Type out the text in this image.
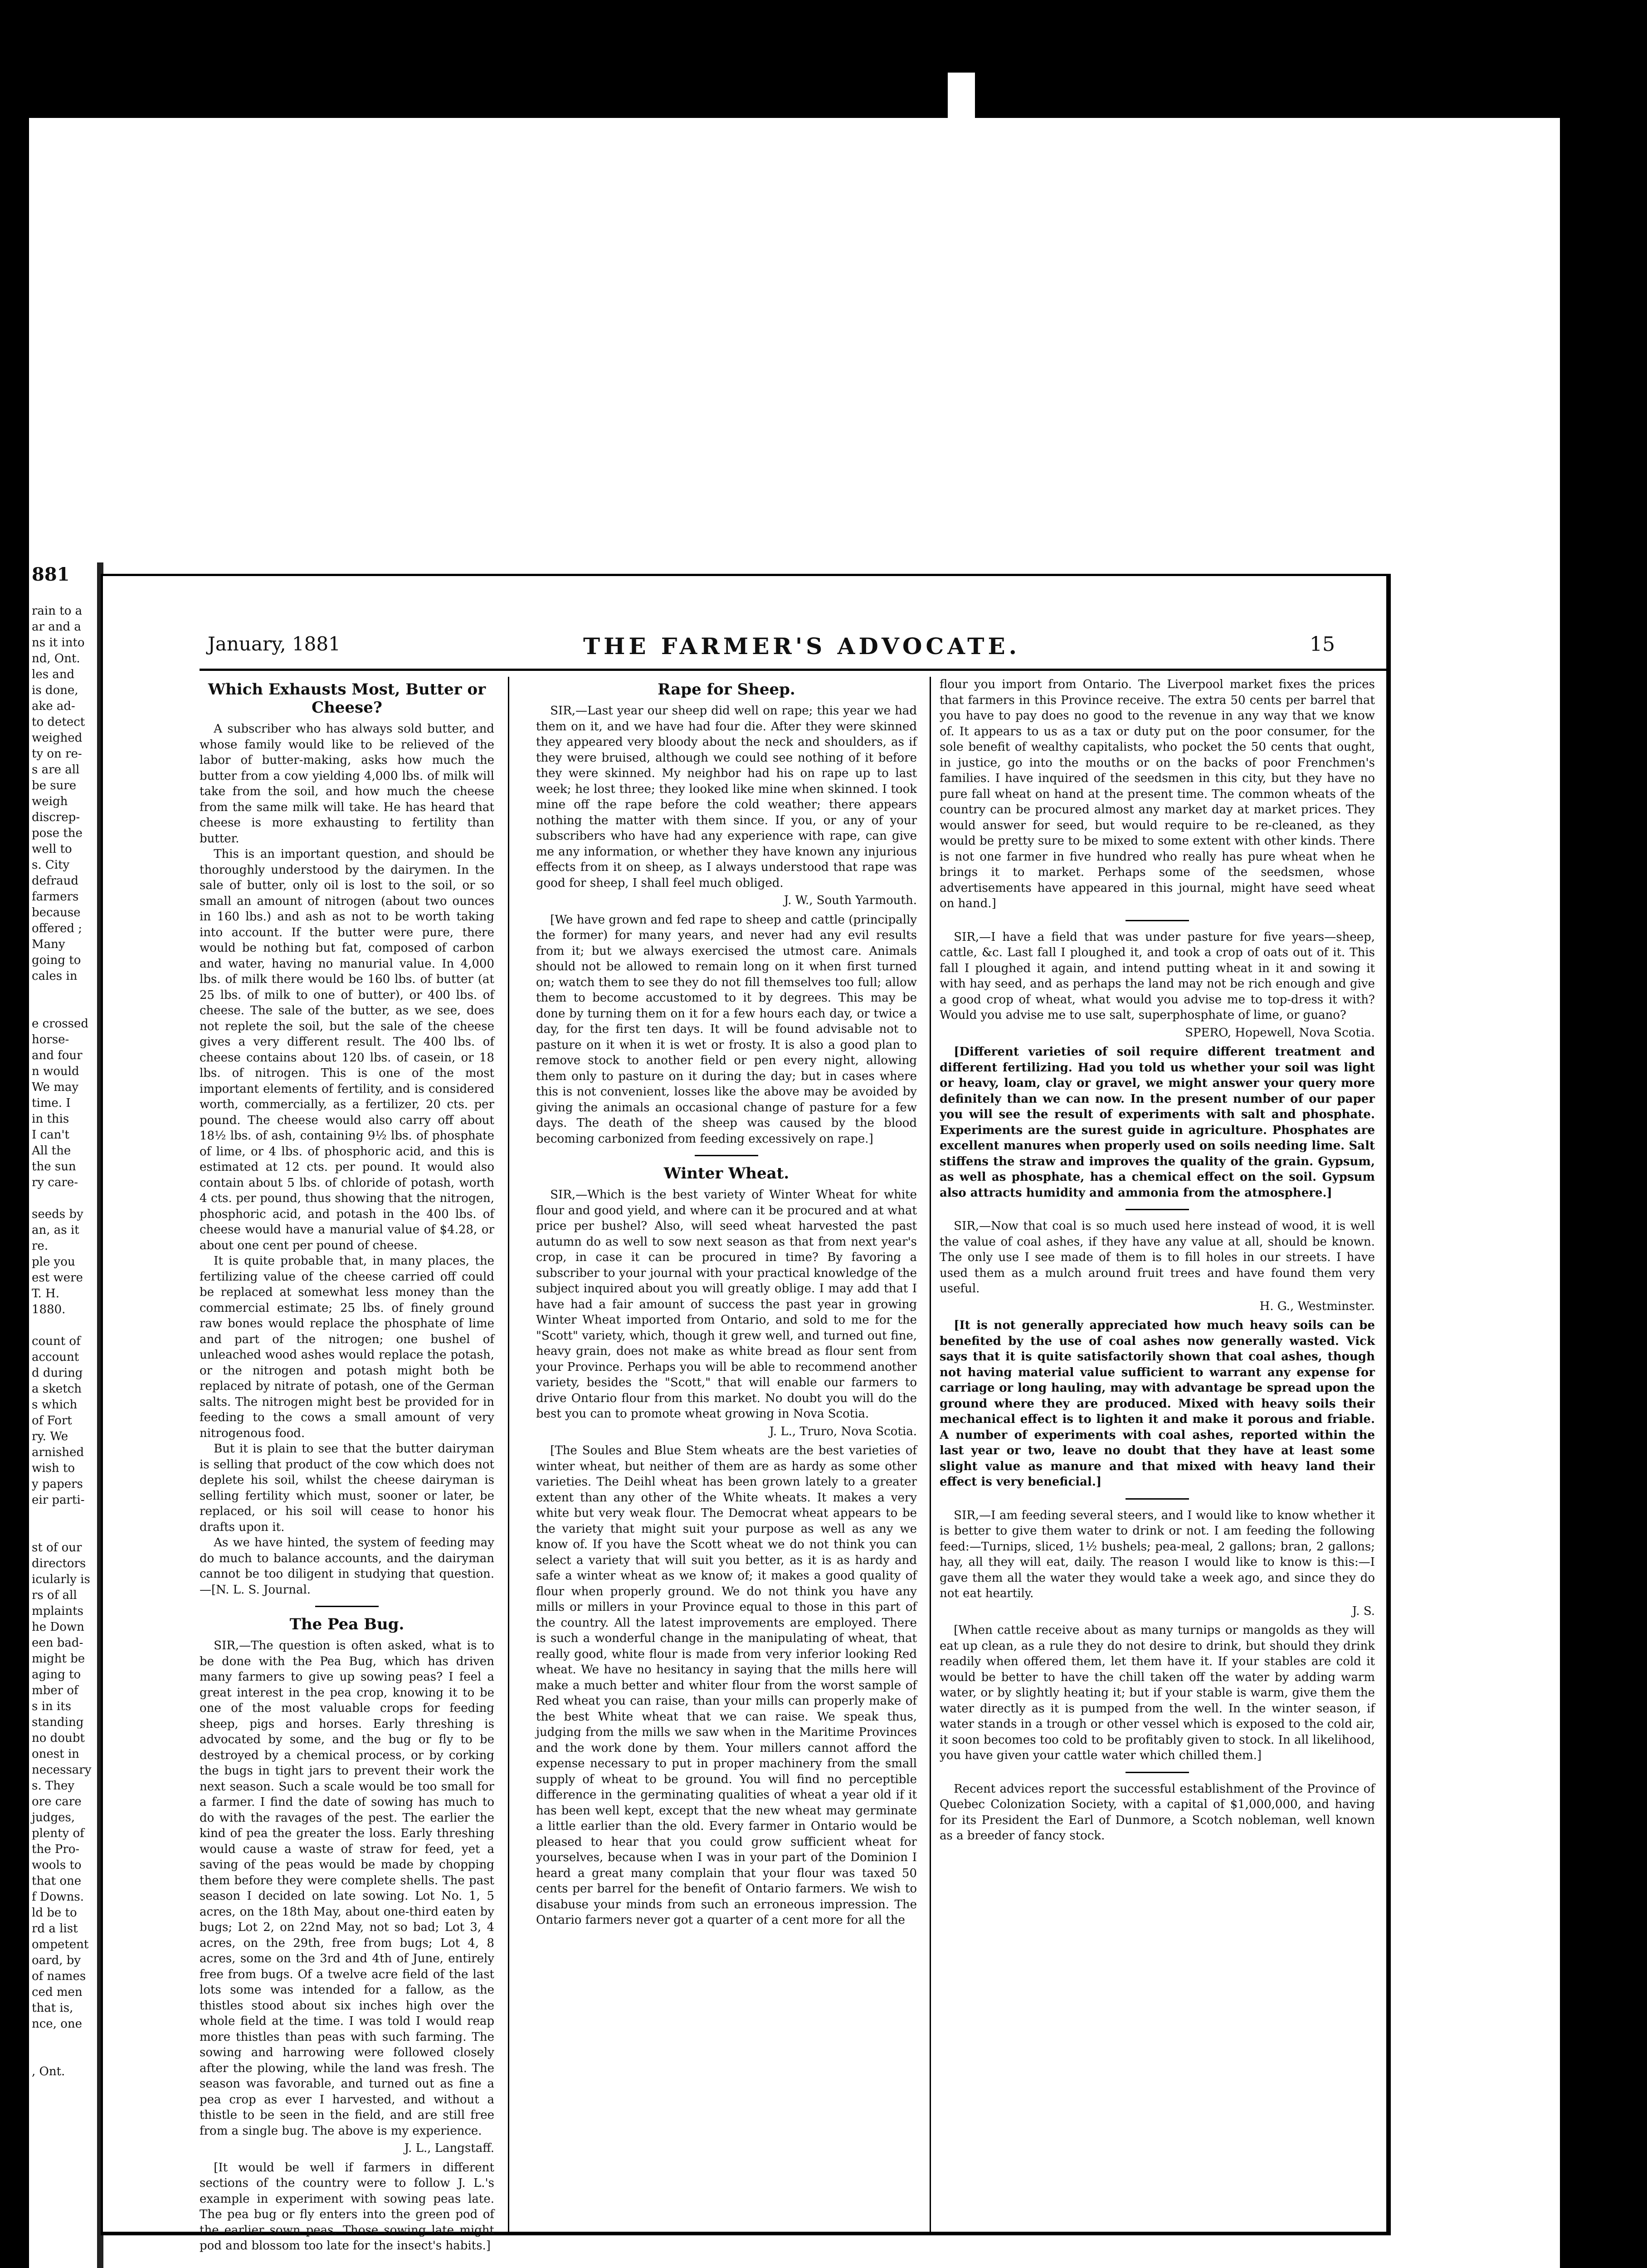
881
rain to a
ar and a
ns it into
nd, Ont.
les and
is done,
ake ad-
to detect
weighed
ty on re-
s are all
be sure
weigh
discrep-
pose the
well to
s. City
defraud
farmers
because
offered ;
Many
going to
cales in

e crossed
horse-
and four
n would
We may
time. I
in this
I can't
All the
the sun
ry care-

seeds by
an, as it
re.
ple you
est were
T. H.
1880.

count of
account
d during
a sketch
s which
of Fort
ry. We
arnished
wish to
y papers
eir parti-

st of our
directors
icularly is
rs of all
mplaints
he Down
een bad-
might be
aging to
mber of
s in its
standing
no doubt
onest in
necessary
s. They
ore care
judges,
plenty of
the Pro-
wools to
that one
f Downs.
ld be to
rd a list
ompetent
oard, by
of names
ced men
that is,
nce, one

, Ont.
January, 1881	THE FARMER'S ADVOCATE.	15
Which Exhausts Most, Butter or Cheese?

A subscriber who has always sold butter, and whose family would like to be relieved of the labor of butter-making, asks how much the butter from a cow yielding 4,000 lbs. of milk will take from the soil, and how much the cheese from the same milk will take. He has heard that cheese is more exhausting to fertility than butter.

This is an important question, and should be thoroughly understood by the dairymen. In the sale of butter, only oil is lost to the soil, or so small an amount of nitrogen (about two ounces in 160 lbs.) and ash as not to be worth taking into account. If the butter were pure, there would be nothing but fat, composed of carbon and water, having no manurial value. In 4,000 lbs. of milk there would be 160 lbs. of butter (at 25 lbs. of milk to one of butter), or 400 lbs. of cheese. The sale of the butter, as we see, does not replete the soil, but the sale of the cheese gives a very different result. The 400 lbs. of cheese contains about 120 lbs. of casein, or 18 lbs. of nitrogen. This is one of the most important elements of fertility, and is considered worth, commercially, as a fertilizer, 20 cts. per pound. The cheese would also carry off about 18½ lbs. of ash, containing 9½ lbs. of phosphate of lime, or 4 lbs. of phosphoric acid, and this is estimated at 12 cts. per pound. It would also contain about 5 lbs. of chloride of potash, worth 4 cts. per pound, thus showing that the nitrogen, phosphoric acid, and potash in the 400 lbs. of cheese would have a manurial value of $4.28, or about one cent per pound of cheese.

It is quite probable that, in many places, the fertilizing value of the cheese carried off could be replaced at somewhat less money than the commercial estimate; 25 lbs. of finely ground raw bones would replace the phosphate of lime and part of the nitrogen; one bushel of unleached wood ashes would replace the potash, or the nitrogen and potash might both be replaced by nitrate of potash, one of the German salts. The nitrogen might best be provided for in feeding to the cows a small amount of very nitrogenous food.

But it is plain to see that the butter dairyman is selling that product of the cow which does not deplete his soil, whilst the cheese dairyman is selling fertility which must, sooner or later, be replaced, or his soil will cease to honor his drafts upon it.

As we have hinted, the system of feeding may do much to balance accounts, and the dairyman cannot be too diligent in studying that question. —[N. L. S. Journal.

The Pea Bug.

SIR,—The question is often asked, what is to be done with the Pea Bug, which has driven many farmers to give up sowing peas? I feel a great interest in the pea crop, knowing it to be one of the most valuable crops for feeding sheep, pigs and horses. Early threshing is advocated by some, and the bug or fly to be destroyed by a chemical process, or by corking the bugs in tight jars to prevent their work the next season. Such a scale would be too small for a farmer. I find the date of sowing has much to do with the ravages of the pest. The earlier the kind of pea the greater the loss. Early threshing would cause a waste of straw for feed, yet a saving of the peas would be made by chopping them before they were complete shells. The past season I decided on late sowing. Lot No. 1, 5 acres, on the 18th May, about one-third eaten by bugs; Lot 2, on 22nd May, not so bad; Lot 3, 4 acres, on the 29th, free from bugs; Lot 4, 8 acres, some on the 3rd and 4th of June, entirely free from bugs. Of a twelve acre field of the last lots some was intended for a fallow, as the thistles stood about six inches high over the whole field at the time. I was told I would reap more thistles than peas with such farming. The sowing and harrowing were followed closely after the plowing, while the land was fresh. The season was favorable, and turned out as fine a pea crop as ever I harvested, and without a thistle to be seen in the field, and are still free from a single bug. The above is my experience.

J. L., Langstaff.

[It would be well if farmers in different sections of the country were to follow J. L.'s example in experiment with sowing peas late. The pea bug or fly enters into the green pod of the earlier sown peas. Those sowing late might pod and blossom too late for the insect's habits.]

Rape for Sheep.

SIR,—Last year our sheep did well on rape; this year we had them on it, and we have had four die. After they were skinned they appeared very bloody about the neck and shoulders, as if they were bruised, although we could see nothing of it before they were skinned. My neighbor had his on rape up to last week; he lost three; they looked like mine when skinned. I took mine off the rape before the cold weather; there appears nothing the matter with them since. If you, or any of your subscribers who have had any experience with rape, can give me any information, or whether they have known any injurious effects from it on sheep, as I always understood that rape was good for sheep, I shall feel much obliged.

J. W., South Yarmouth.

[We have grown and fed rape to sheep and cattle (principally the former) for many years, and never had any evil results from it; but we always exercised the utmost care. Animals should not be allowed to remain long on it when first turned on; watch them to see they do not fill themselves too full; allow them to become accustomed to it by degrees. This may be done by turning them on it for a few hours each day, or twice a day, for the first ten days. It will be found advisable not to pasture on it when it is wet or frosty. It is also a good plan to remove stock to another field or pen every night, allowing them only to pasture on it during the day; but in cases where this is not convenient, losses like the above may be avoided by giving the animals an occasional change of pasture for a few days. The death of the sheep was caused by the blood becoming carbonized from feeding excessively on rape.]

Winter Wheat.

SIR,—Which is the best variety of Winter Wheat for white flour and good yield, and where can it be procured and at what price per bushel? Also, will seed wheat harvested the past autumn do as well to sow next season as that from next year's crop, in case it can be procured in time? By favoring a subscriber to your journal with your practical knowledge of the subject inquired about you will greatly oblige. I may add that I have had a fair amount of success the past year in growing Winter Wheat imported from Ontario, and sold to me for the "Scott" variety, which, though it grew well, and turned out fine, heavy grain, does not make as white bread as flour sent from your Province. Perhaps you will be able to recommend another variety, besides the "Scott," that will enable our farmers to drive Ontario flour from this market. No doubt you will do the best you can to promote wheat growing in Nova Scotia.

J. L., Truro, Nova Scotia.

[The Soules and Blue Stem wheats are the best varieties of winter wheat, but neither of them are as hardy as some other varieties. The Deihl wheat has been grown lately to a greater extent than any other of the White wheats. It makes a very white but very weak flour. The Democrat wheat appears to be the variety that might suit your purpose as well as any we know of. If you have the Scott wheat we do not think you can select a variety that will suit you better, as it is as hardy and safe a winter wheat as we know of; it makes a good quality of flour when properly ground. We do not think you have any mills or millers in your Province equal to those in this part of the country. All the latest improvements are employed. There is such a wonderful change in the manipulating of wheat, that really good, white flour is made from very inferior looking Red wheat. We have no hesitancy in saying that the mills here will make a much better and whiter flour from the worst sample of Red wheat you can raise, than your mills can properly make of the best White wheat that we can raise. We speak thus, judging from the mills we saw when in the Maritime Provinces and the work done by them. Your millers cannot afford the expense necessary to put in proper machinery from the small supply of wheat to be ground. You will find no perceptible difference in the germinating qualities of wheat a year old if it has been well kept, except that the new wheat may germinate a little earlier than the old. Every farmer in Ontario would be pleased to hear that you could grow sufficient wheat for yourselves, because when I was in your part of the Dominion I heard a great many complain that your flour was taxed 50 cents per barrel for the benefit of Ontario farmers. We wish to disabuse your minds from such an erroneous impression. The Ontario farmers never got a quarter of a cent more for all the

flour you import from Ontario. The Liverpool market fixes the prices that farmers in this Province receive. The extra 50 cents per barrel that you have to pay does no good to the revenue in any way that we know of. It appears to us as a tax or duty put on the poor consumer, for the sole benefit of wealthy capitalists, who pocket the 50 cents that ought, in justice, go into the mouths or on the backs of poor Frenchmen's families. I have inquired of the seedsmen in this city, but they have no pure fall wheat on hand at the present time. The common wheats of the country can be procured almost any market day at market prices. They would answer for seed, but would require to be re-cleaned, as they would be pretty sure to be mixed to some extent with other kinds. There is not one farmer in five hundred who really has pure wheat when he brings it to market. Perhaps some of the seedsmen, whose advertisements have appeared in this journal, might have seed wheat on hand.]

SIR,—I have a field that was under pasture for five years—sheep, cattle, &c. Last fall I ploughed it, and took a crop of oats out of it. This fall I ploughed it again, and intend putting wheat in it and sowing it with hay seed, and as perhaps the land may not be rich enough and give a good crop of wheat, what would you advise me to top-dress it with? Would you advise me to use salt, superphosphate of lime, or guano?

SPERO, Hopewell, Nova Scotia.

[Different varieties of soil require different treatment and different fertilizing. Had you told us whether your soil was light or heavy, loam, clay or gravel, we might answer your query more definitely than we can now. In the present number of our paper you will see the result of experiments with salt and phosphate. Experiments are the surest guide in agriculture. Phosphates are excellent manures when properly used on soils needing lime. Salt stiffens the straw and improves the quality of the grain. Gypsum, as well as phosphate, has a chemical effect on the soil. Gypsum also attracts humidity and ammonia from the atmosphere.]

SIR,—Now that coal is so much used here instead of wood, it is well the value of coal ashes, if they have any value at all, should be known. The only use I see made of them is to fill holes in our streets. I have used them as a mulch around fruit trees and have found them very useful.

H. G., Westminster.

[It is not generally appreciated how much heavy soils can be benefited by the use of coal ashes now generally wasted. Vick says that it is quite satisfactorily shown that coal ashes, though not having material value sufficient to warrant any expense for carriage or long hauling, may with advantage be spread upon the ground where they are produced. Mixed with heavy soils their mechanical effect is to lighten it and make it porous and friable. A number of experiments with coal ashes, reported within the last year or two, leave no doubt that they have at least some slight value as manure and that mixed with heavy land their effect is very beneficial.]

SIR,—I am feeding several steers, and I would like to know whether it is better to give them water to drink or not. I am feeding the following feed:—Turnips, sliced, 1½ bushels; pea-meal, 2 gallons; bran, 2 gallons; hay, all they will eat, daily. The reason I would like to know is this:—I gave them all the water they would take a week ago, and since they do not eat heartily.

J. S.

[When cattle receive about as many turnips or mangolds as they will eat up clean, as a rule they do not desire to drink, but should they drink readily when offered them, let them have it. If your stables are cold it would be better to have the chill taken off the water by adding warm water, or by slightly heating it; but if your stable is warm, give them the water directly as it is pumped from the well. In the winter season, if water stands in a trough or other vessel which is exposed to the cold air, it soon becomes too cold to be profitably given to stock. In all likelihood, you have given your cattle water which chilled them.]

Recent advices report the successful establishment of the Province of Quebec Colonization Society, with a capital of $1,000,000, and having for its President the Earl of Dunmore, a Scotch nobleman, well known as a breeder of fancy stock.
